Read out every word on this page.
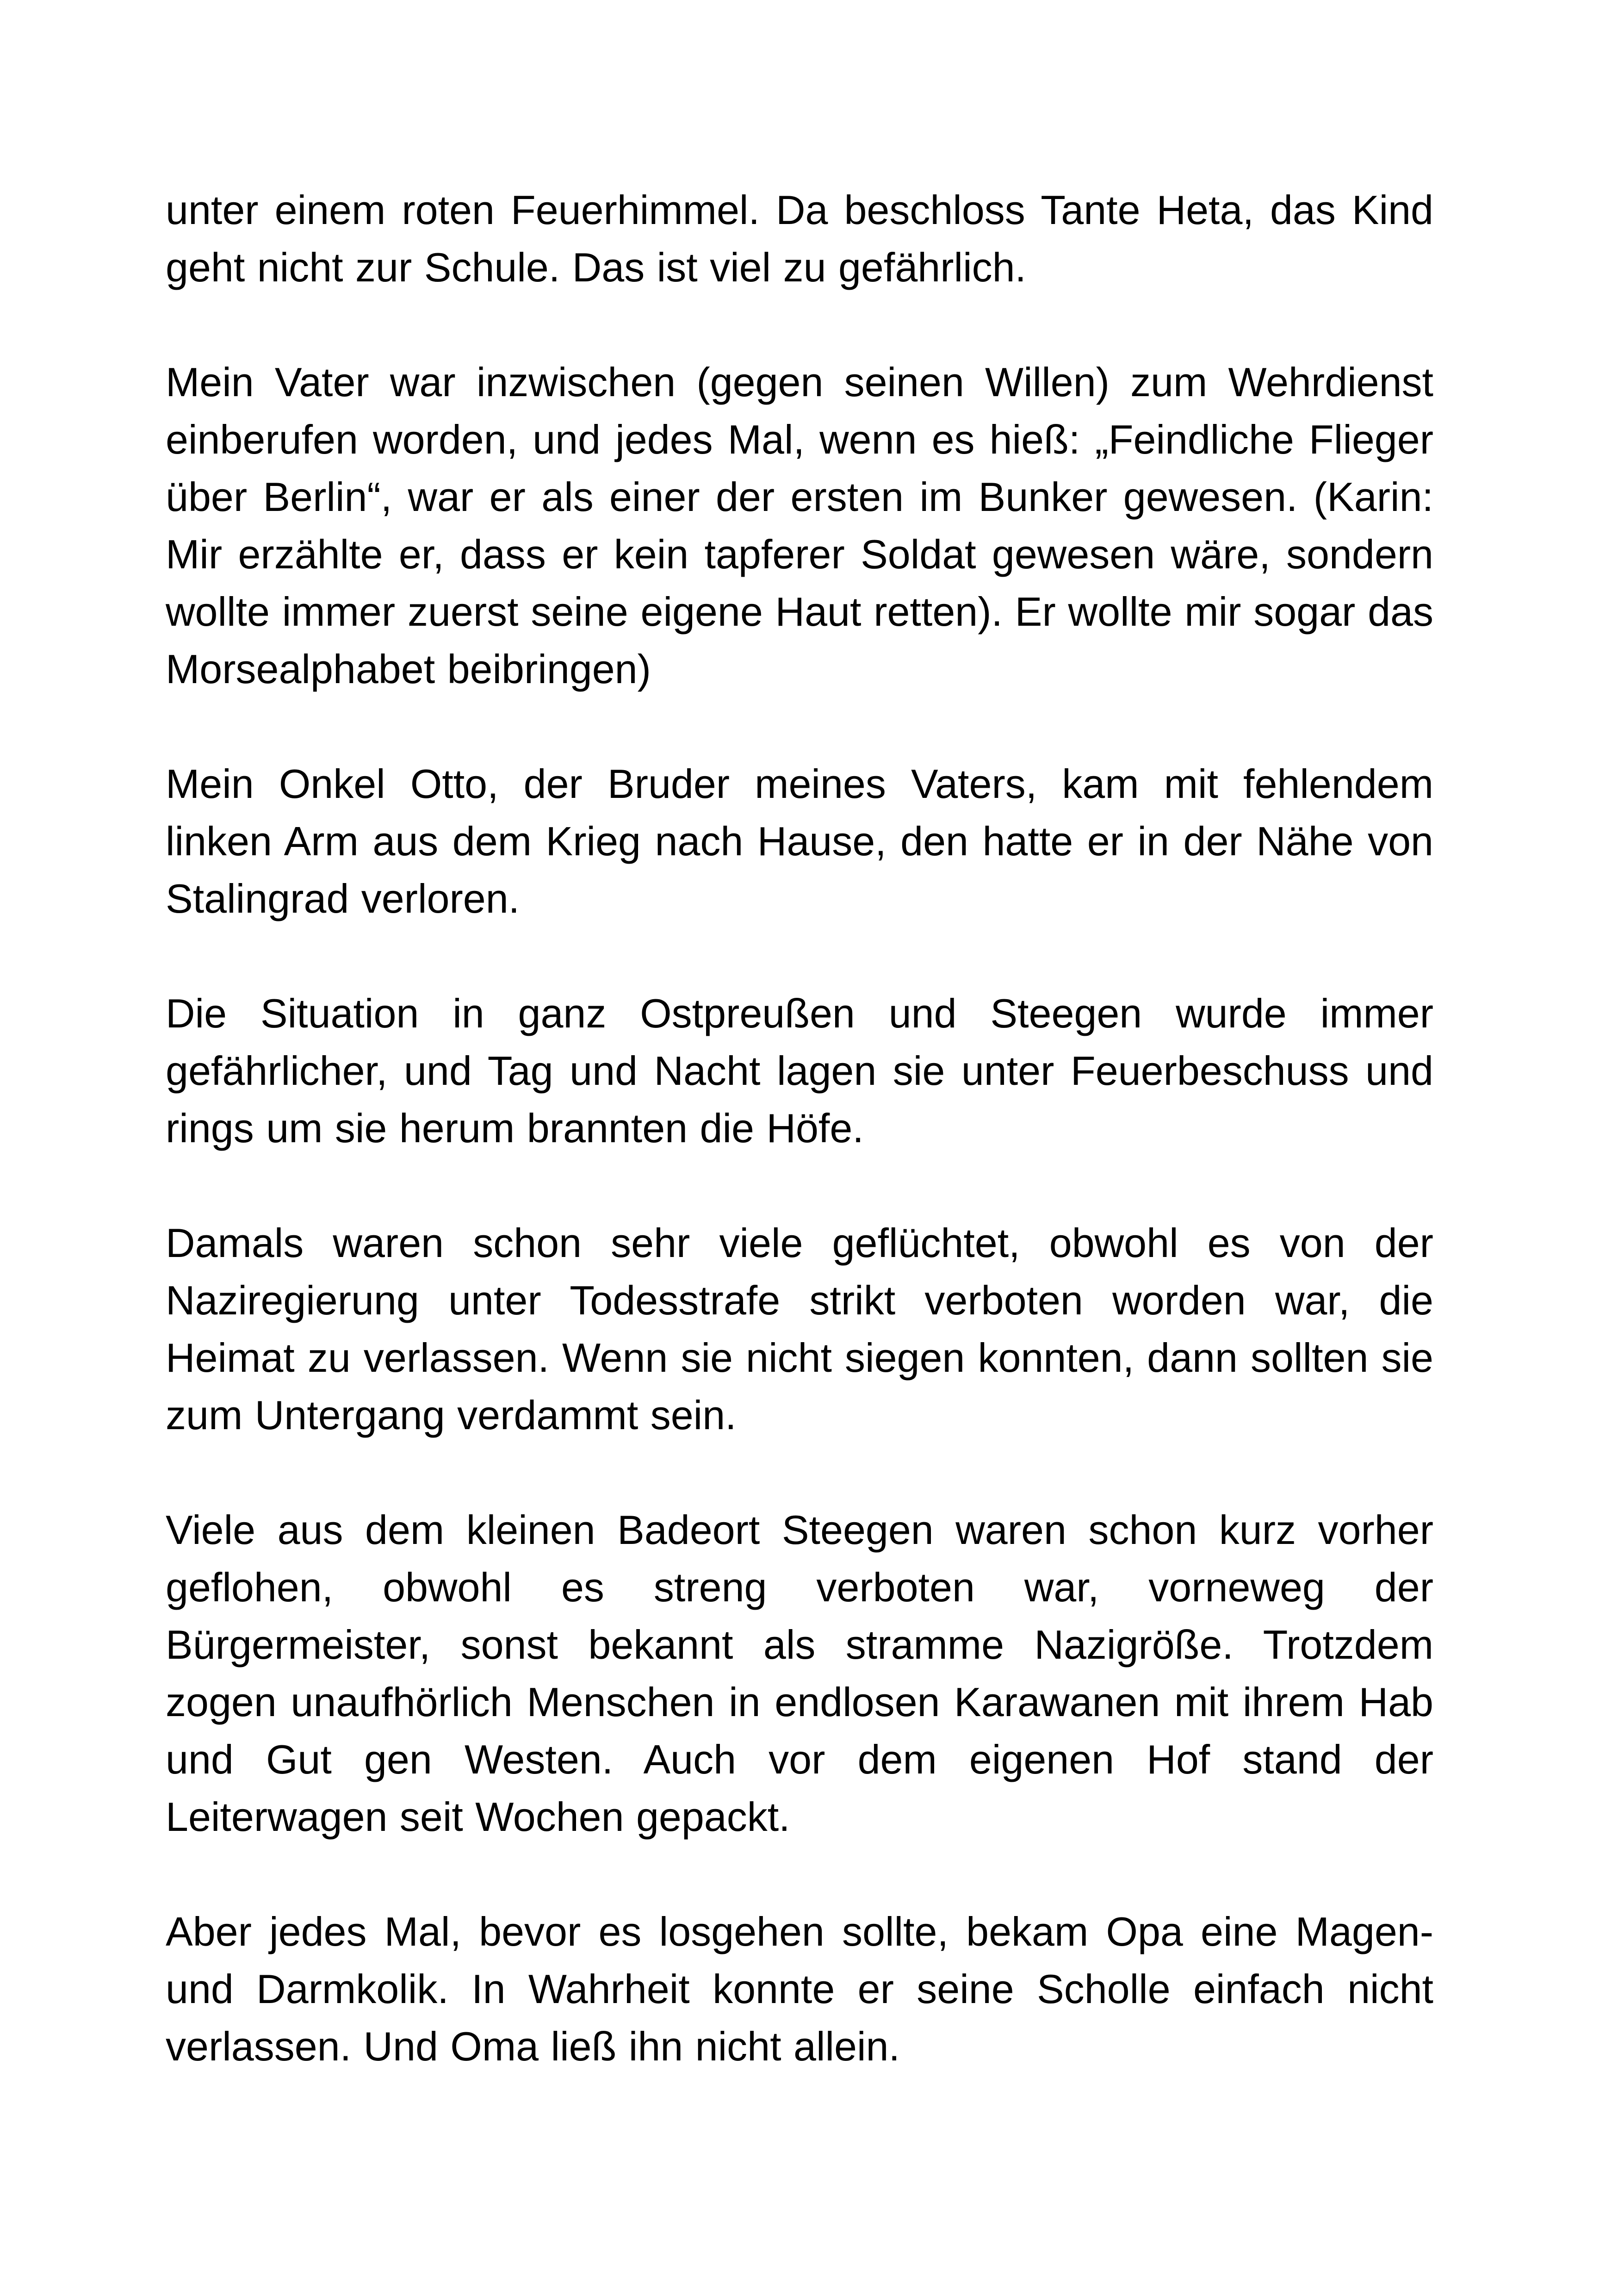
unter einem roten Feuerhimmel. Da beschloss Tante Heta, das Kind geht nicht zur Schule. Das ist viel zu gefährlich.

Mein Vater war inzwischen (gegen seinen Willen) zum Wehrdienst einberufen worden, und jedes Mal, wenn es hieß: „Feindliche Flieger über Berlin“, war er als einer der ersten im Bunker gewesen. (Karin: Mir erzählte er, dass er kein tapferer Soldat gewesen wäre, sondern wollte immer zuerst seine eigene Haut retten). Er wollte mir sogar das Morsealphabet beibringen)

Mein Onkel Otto, der Bruder meines Vaters, kam mit fehlendem linken Arm aus dem Krieg nach Hause, den hatte er in der Nähe von Stalingrad verloren.

Die Situation in ganz Ostpreußen und Steegen wurde immer gefährlicher, und Tag und Nacht lagen sie unter Feuerbeschuss und rings um sie herum brannten die Höfe.

Damals waren schon sehr viele geflüchtet, obwohl es von der Naziregierung unter Todesstrafe strikt verboten worden war, die Heimat zu verlassen. Wenn sie nicht siegen konnten, dann sollten sie zum Untergang verdammt sein.

Viele aus dem kleinen Badeort Steegen waren schon kurz vorher geflohen, obwohl es streng verboten war, vorneweg der Bürgermeister, sonst bekannt als stramme Nazigröße. Trotzdem zogen unaufhörlich Menschen in endlosen Karawanen mit ihrem Hab und Gut gen Westen. Auch vor dem eigenen Hof stand der Leiterwagen seit Wochen gepackt.

Aber jedes Mal, bevor es losgehen sollte, bekam Opa eine Magen- und Darmkolik. In Wahrheit konnte er seine Scholle einfach nicht verlassen. Und Oma ließ ihn nicht allein.
